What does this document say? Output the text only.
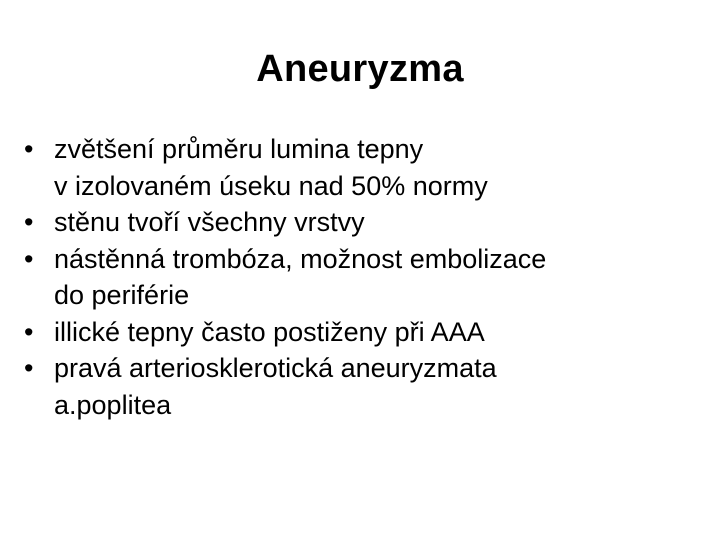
Aneuryzma
• zvětšení průměru lumina tepny
v izolovaném úseku nad 50% normy
• stěnu tvoří všechny vrstvy
• nástěnná trombóza, možnost embolizace
do periférie
• illické tepny často postiženy při AAA
• pravá arteriosklerotická aneuryzmata
a.poplitea
